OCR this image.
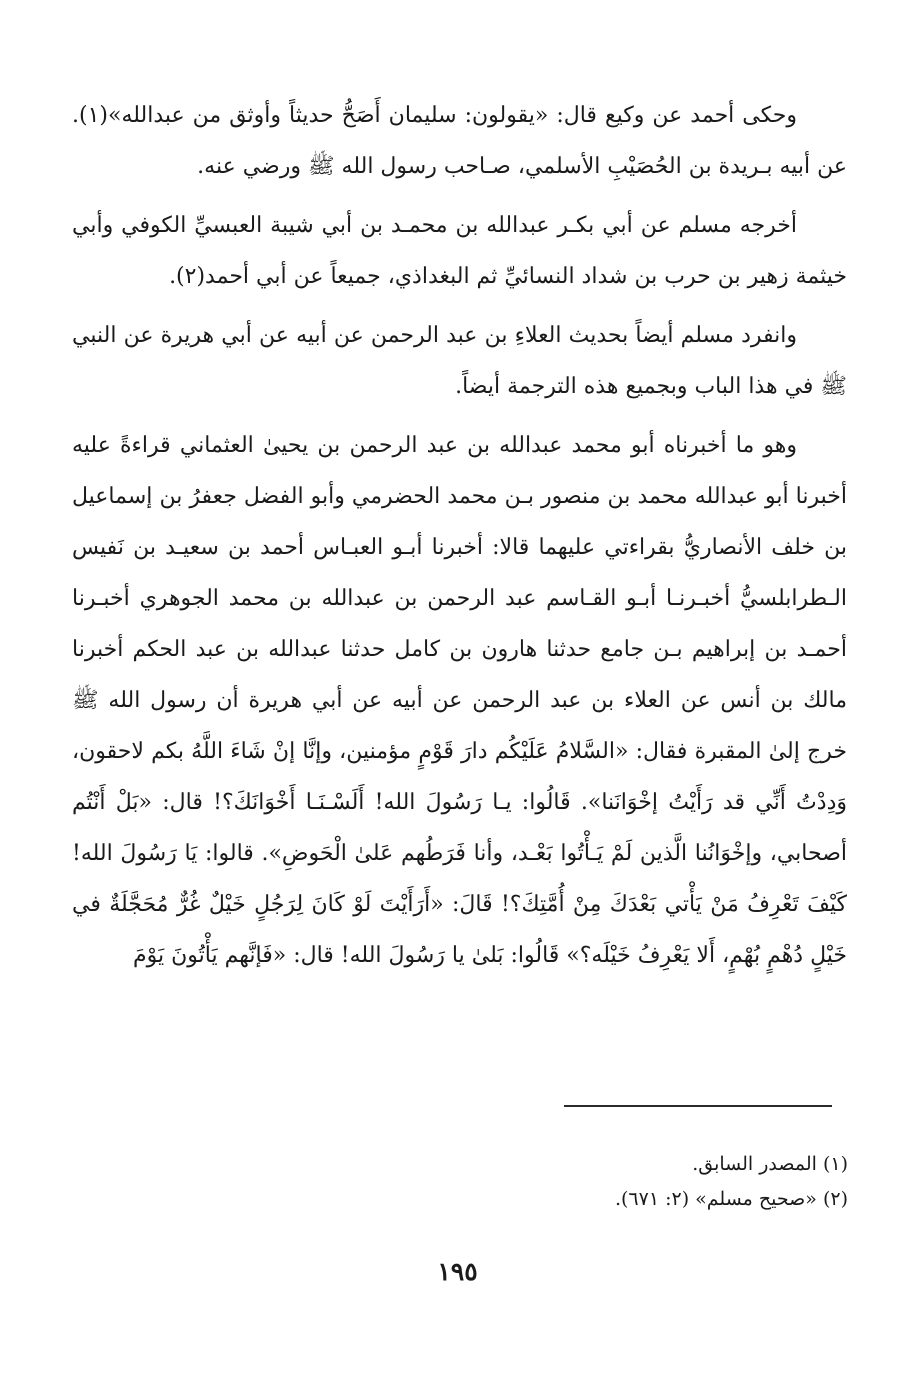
وحكى أحمد عن وكيع قال: «يقولون: سليمان أَصَحُّ حديثاً وأوثق من عبدالله»(١). عن أبيه بـريدة بن الحُصَيْبِ الأسلمي، صـاحب رسول الله ﷺ ورضي عنه.

أخرجه مسلم عن أبي بكـر عبدالله بن محمـد بن أبي شيبة العبسيِّ الكوفي وأبي خيثمة زهير بن حرب بن شداد النسائيِّ ثم البغداذي، جميعاً عن أبي أحمد(٢).

وانفرد مسلم أيضاً بحديث العلاءِ بن عبد الرحمن عن أبيه عن أبي هريرة عن النبي ﷺ في هذا الباب وبجميع هذه الترجمة أيضاً.

وهو ما أخبرناه أبو محمد عبدالله بن عبد الرحمن بن يحيىٰ العثماني قراءةً عليه أخبرنا أبو عبدالله محمد بن منصور بـن محمد الحضرمي وأبو الفضل جعفرُ بن إسماعيل بن خلف الأنصاريُّ بقراءتي عليهما قالا: أخبرنا أبـو العبـاس أحمد بن سعيـد بن نَفيس الـطرابلسيُّ أخبـرنـا أبـو القـاسم عبد الرحمن بن عبدالله بن محمد الجوهري أخبـرنا أحمـد بن إبراهيم بـن جامع حدثنا هارون بن كامل حدثنا عبدالله بن عبد الحكم أخبرنا مالك بن أنس عن العلاء بن عبد الرحمن عن أبيه عن أبي هريرة أن رسول الله ﷺ خرج إلىٰ المقبرة فقال: «السَّلامُ عَلَيْكُم دارَ قَوْمٍ مؤمنين، وإنَّا إنْ شَاءَ اللَّهُ بكم لاحقون، وَدِدْتُ أَنِّي قد رَأَيْتُ إخْوَانَنا». قَالُوا: يـا رَسُولَ الله! أَلَسْـنَـا أَخْوَانَكَ؟! قال: «بَلْ أَنْتُم أصحابي، وإخْوَانُنا الَّذين لَمْ يَـأْتُوا بَعْـد، وأنا فَرَطُهم عَلىٰ الْحَوضِ». قالوا: يَا رَسُولَ الله! كَيْفَ تَعْرِفُ مَنْ يَأْتي بَعْدَكَ مِنْ أُمَّتِكَ؟! قَالَ: «أَرَأَيْتَ لَوْ كَانَ لِرَجُلٍ خَيْلٌ غُرٌّ مُحَجَّلَةٌ في خَيْلٍ دُهْمٍ بُهْمٍ، أَلا يَعْرِفُ خَيْلَه؟» قَالُوا: بَلىٰ يا رَسُولَ الله! قال: «فَإنَّهم يَأْتُونَ يَوْمَ

(١) المصدر السابق.

(٢) «صحيح مسلم» (٢: ٦٧١).

١٩٥
